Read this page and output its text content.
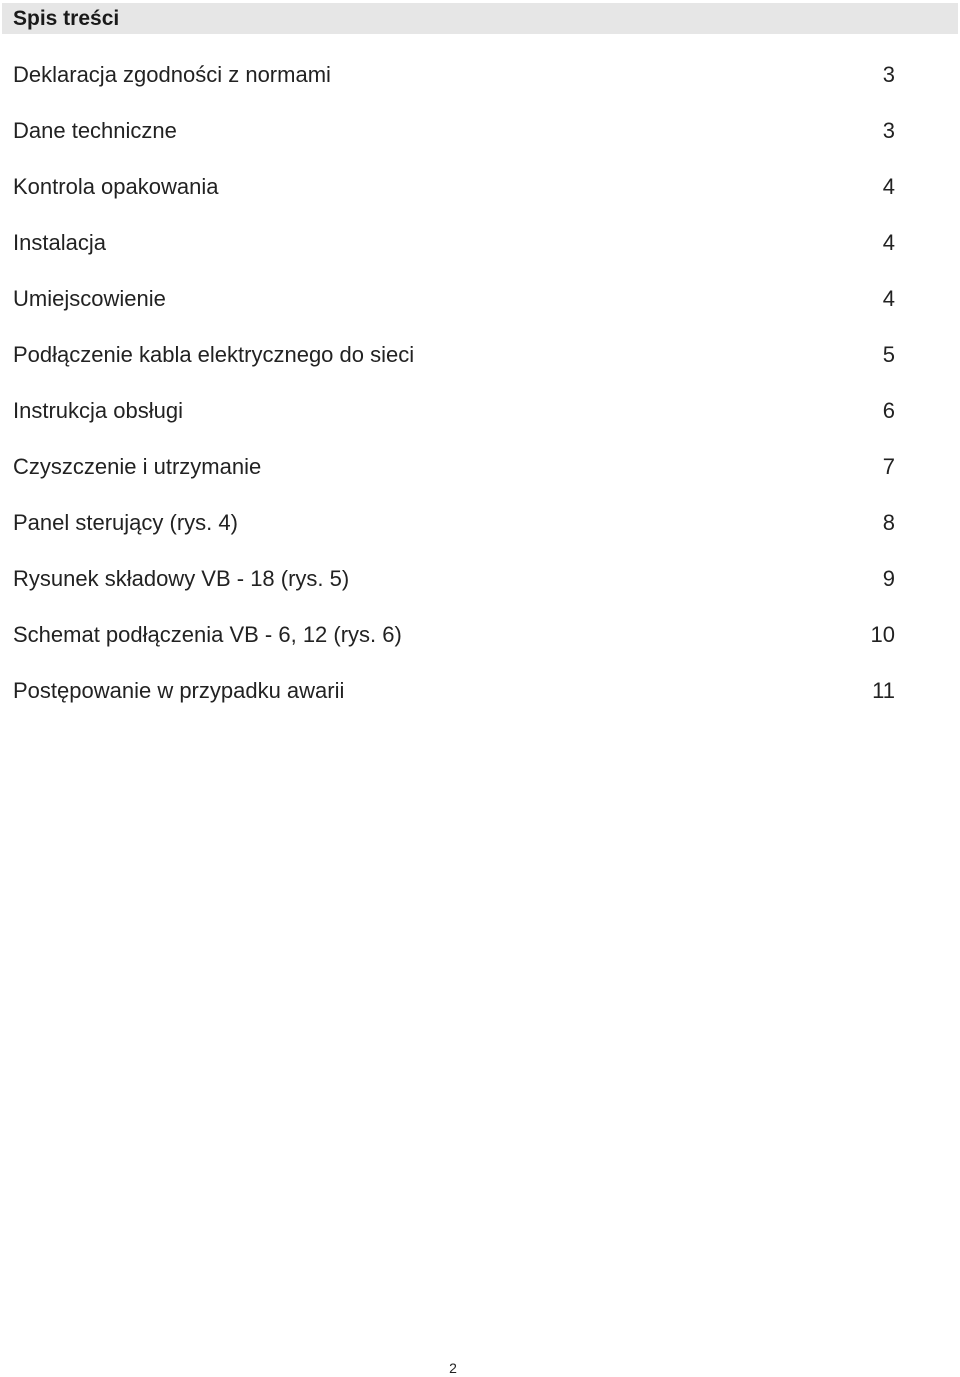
Spis treści
Deklaracja zgodności z normami	3
Dane techniczne	3
Kontrola opakowania	4
Instalacja	4
Umiejscowienie	4
Podłączenie kabla elektrycznego do sieci	5
Instrukcja obsługi	6
Czyszczenie i utrzymanie	7
Panel sterujący (rys. 4)	8
Rysunek składowy VB - 18 (rys. 5)	9
Schemat podłączenia VB - 6, 12 (rys. 6)	10
Postępowanie w przypadku awarii	11
2
